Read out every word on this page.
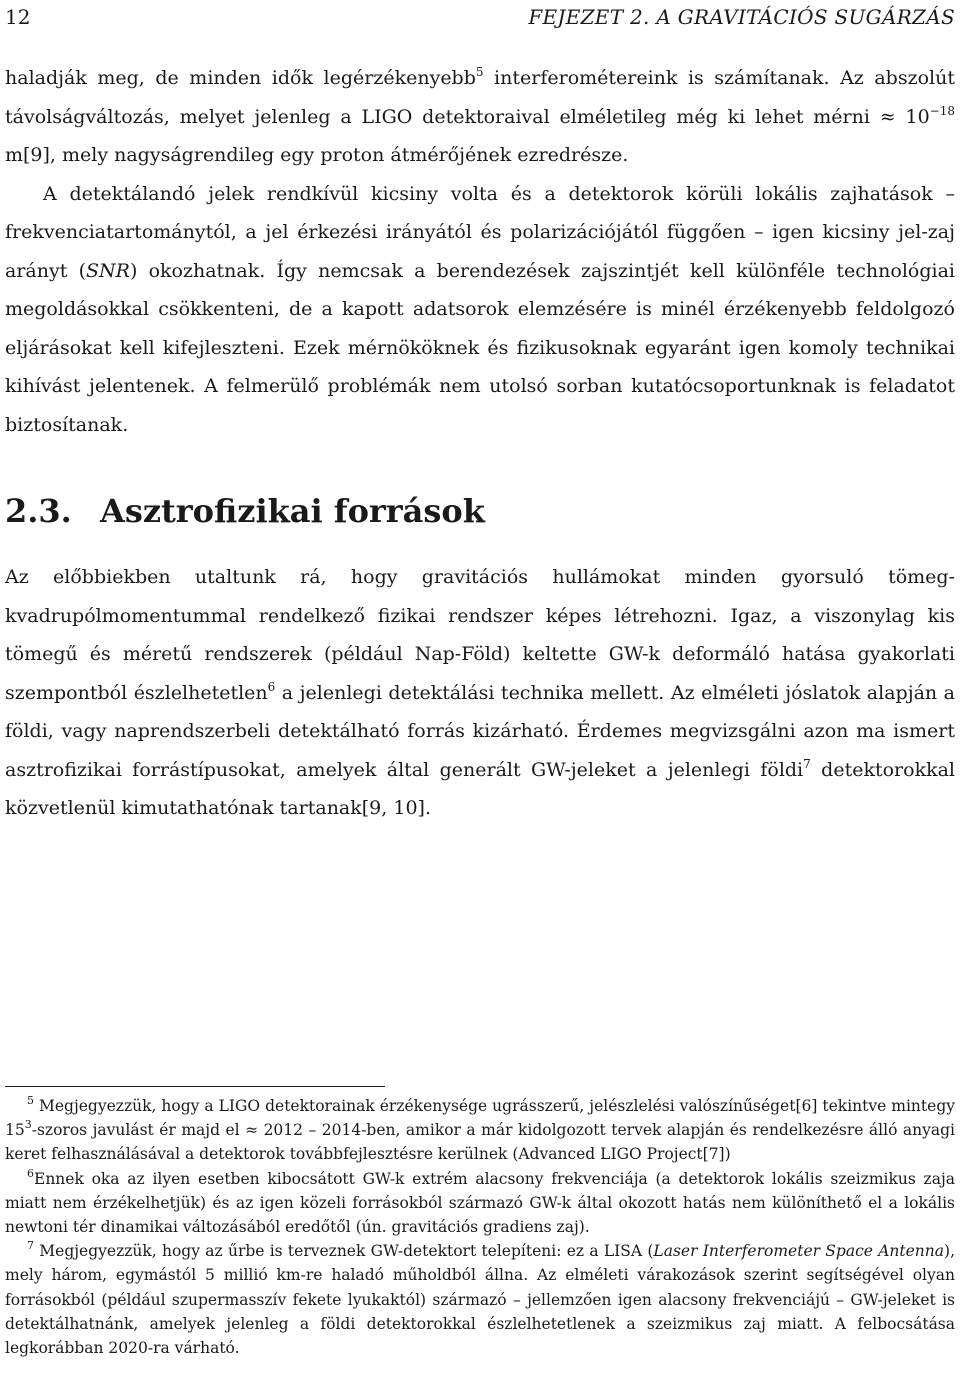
12	FEJEZET 2. A GRAVITÁCIÓS SUGÁRZÁS

haladják meg, de minden idők legérzékenyebb$^5$ interferométereink is számítanak. Az abszolút távolságváltozás, melyet jelenleg a LIGO detektoraival elméletileg még ki lehet mérni ≈ $10^{-18}$ m[9], mely nagyságrendileg egy proton átmérőjének ezredrésze.

A detektálandó jelek rendkívül kicsiny volta és a detektorok körüli lokális zajhatások – frekvenciatartománytól, a jel érkezési irányától és polarizációjától függően – igen kicsiny jel-zaj arányt (SNR) okozhatnak. Így nemcsak a berendezések zajszintjét kell különféle technológiai megoldásokkal csökkenteni, de a kapott adatsorok elemzésére is minél érzékenyebb feldolgozó eljárásokat kell kifejleszteni. Ezek mérnököknek és fizikusoknak egyaránt igen komoly technikai kihívást jelentenek. A felmerülő problémák nem utolsó sorban kutatócsoportunknak is feladatot biztosítanak.

2.3. Asztrofizikai források

Az előbbiekben utaltunk rá, hogy gravitációs hullámokat minden gyorsuló tömeg-kvadrupólmomentummal rendelkező fizikai rendszer képes létrehozni. Igaz, a viszonylag kis tömegű és méretű rendszerek (például Nap-Föld) keltette GW-k deformáló hatása gyakorlati szempontból észlelhetetlen$^6$ a jelenlegi detektálási technika mellett. Az elméleti jóslatok alapján a földi, vagy naprendszerbeli detektálható forrás kizárható. Érdemes megvizsgálni azon ma ismert asztrofizikai forrástípusokat, amelyek által generált GW-jeleket a jelenlegi földi$^7$ detektorokkal közvetlenül kimutathatónak tartanak[9, 10].

$^5$ Megjegyezzük, hogy a LIGO detektorainak érzékenysége ugrásszerű, jelészlelési valószínűséget[6] tekintve mintegy $15^3$-szoros javulást ér majd el ≈ 2012 – 2014-ben, amikor a már kidolgozott tervek alapján és rendelkezésre álló anyagi keret felhasználásával a detektorok továbbfejlesztésre kerülnek (Advanced LIGO Project[7])

$^6$Ennek oka az ilyen esetben kibocsátott GW-k extrém alacsony frekvenciája (a detektorok lokális szeizmikus zaja miatt nem érzékelhetjük) és az igen közeli forrásokból származó GW-k által okozott hatás nem különíthető el a lokális newtoni tér dinamikai változásából eredőtől (ún. gravitációs gradiens zaj).

$^7$ Megjegyezzük, hogy az űrbe is terveznek GW-detektort telepíteni: ez a LISA (Laser Interferometer Space Antenna), mely három, egymástól 5 millió km-re haladó műholdból állna. Az elméleti várakozások szerint segítségével olyan forrásokból (például szupermasszív fekete lyukaktól) származó – jellemzően igen alacsony frekvenciájú – GW-jeleket is detektálhatnánk, amelyek jelenleg a földi detektorokkal észlelhetetlenek a szeizmikus zaj miatt. A felbocsátása legkorábban 2020-ra várható.
